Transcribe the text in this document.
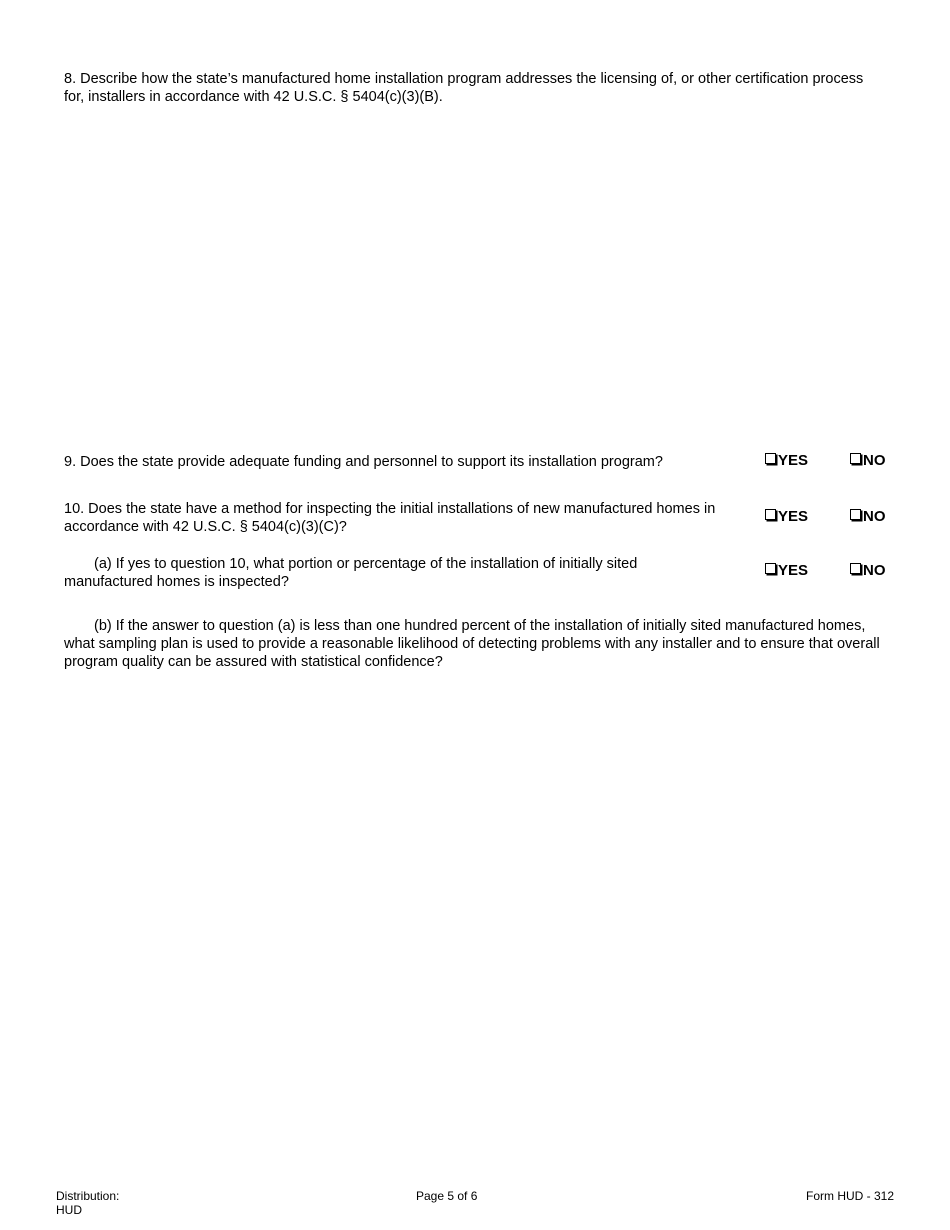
8. Describe how the state’s manufactured home installation program addresses the licensing of, or other certification process for, installers in accordance with 42 U.S.C. § 5404(c)(3)(B).
9. Does the state provide adequate funding and personnel to support its installation program?	YES	NO
10. Does the state have a method for inspecting the initial installations of new manufactured homes in accordance with 42 U.S.C. § 5404(c)(3)(C)?
YES	NO
(a) If yes to question 10, what portion or percentage of the installation of initially sited manufactured homes is inspected?
YES	NO
(b) If the answer to question (a) is less than one hundred percent of the installation of initially sited manufactured homes, what sampling plan is used to provide a reasonable likelihood of detecting problems with any installer and to ensure that overall program quality can be assured with statistical confidence?
Distribution:
HUD
Page 5 of 6	Form HUD - 312
